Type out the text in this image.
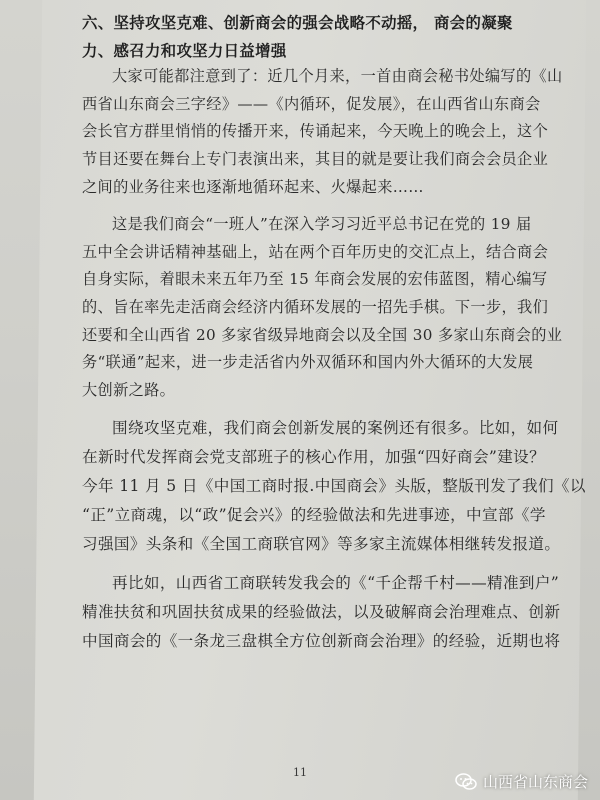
六、坚持攻坚克难、创新商会的强会战略不动摇， 商会的凝聚
力、感召力和攻坚力日益增强
大家可能都注意到了：近几个月来，一首由商会秘书处编写的《山
西省山东商会三字经》——《内循环，促发展》，在山西省山东商会
会长官方群里悄悄的传播开来，传诵起来，今天晚上的晚会上，这个
节目还要在舞台上专门表演出来，其目的就是要让我们商会会员企业
之间的业务往来也逐渐地循环起来、火爆起来……
这是我们商会“一班人”在深入学习习近平总书记在党的 19 届
五中全会讲话精神基础上，站在两个百年历史的交汇点上，结合商会
自身实际，着眼未来五年乃至 15 年商会发展的宏伟蓝图，精心编写
的、旨在率先走活商会经济内循环发展的一招先手棋。下一步，我们
还要和全山西省 20 多家省级异地商会以及全国 30 多家山东商会的业
务“联通”起来，进一步走活省内外双循环和国内外大循环的大发展
大创新之路。
围绕攻坚克难，我们商会创新发展的案例还有很多。比如，如何
在新时代发挥商会党支部班子的核心作用，加强“四好商会”建设？
今年 11 月 5 日《中国工商时报.中国商会》头版，整版刊发了我们《以
“正”立商魂，以“政”促会兴》的经验做法和先进事迹，中宣部《学
习强国》头条和《全国工商联官网》等多家主流媒体相继转发报道。
再比如，山西省工商联转发我会的《“千企帮千村——精准到户”
精准扶贫和巩固扶贫成果的经验做法，以及破解商会治理难点、创新
中国商会的《一条龙三盘棋全方位创新商会治理》的经验，近期也将
11
山西省山东商会
